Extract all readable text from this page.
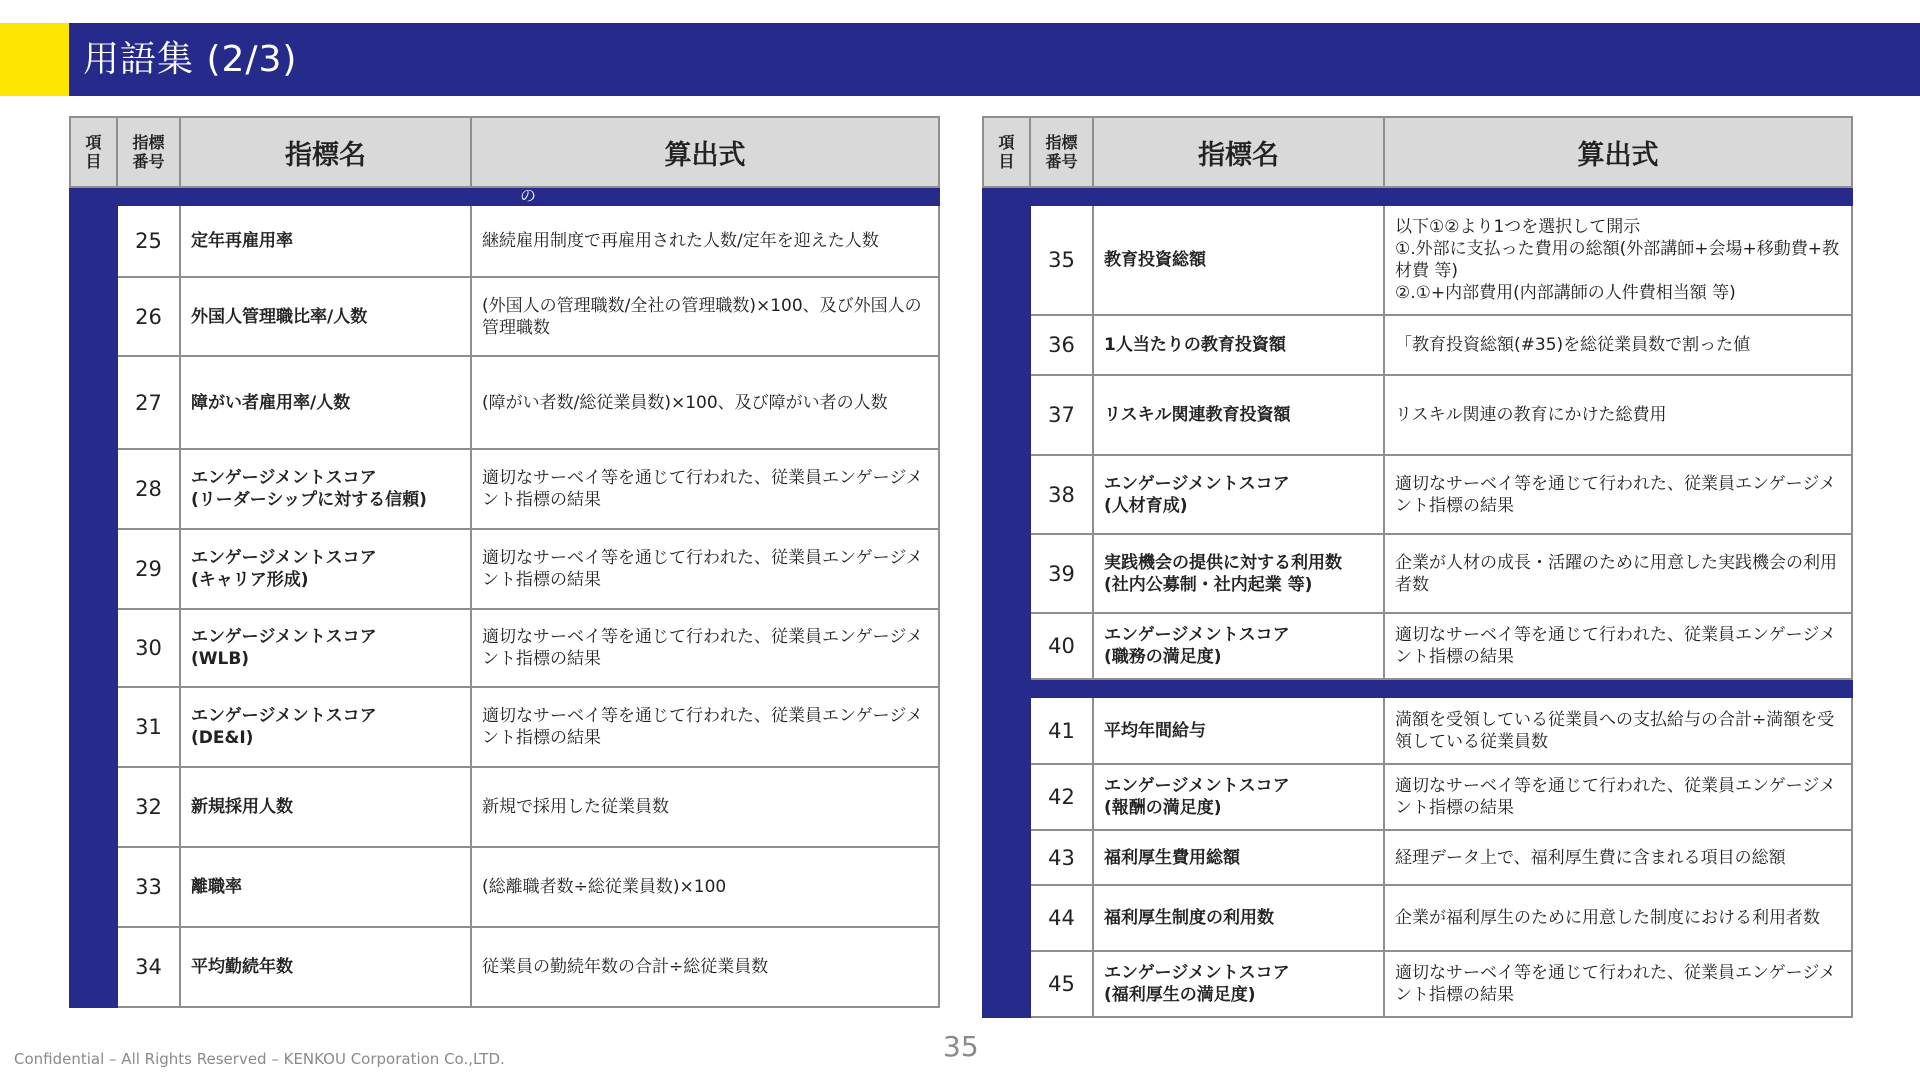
用語集 (2/3)
項
目	指標
番号	指標名	算出式
	の		
	25	定年再雇用率	継続雇用制度で再雇用された人数/定年を迎えた人数
	26	外国人管理職比率/人数	(外国人の管理職数/全社の管理職数)×100、及び外国人の管理職数
	27	障がい者雇用率/人数	(障がい者数/総従業員数)×100、及び障がい者の人数
	28	エンゲージメントスコア
(リーダーシップに対する信頼)	適切なサーベイ等を通じて行われた、従業員エンゲージメント指標の結果
	29	エンゲージメントスコア
(キャリア形成)	適切なサーベイ等を通じて行われた、従業員エンゲージメント指標の結果
	30	エンゲージメントスコア
(WLB)	適切なサーベイ等を通じて行われた、従業員エンゲージメント指標の結果
	31	エンゲージメントスコア
(DE&I)	適切なサーベイ等を通じて行われた、従業員エンゲージメント指標の結果
	32	新規採用人数	新規で採用した従業員数
	33	離職率	(総離職者数÷総従業員数)×100
	34	平均勤続年数	従業員の勤続年数の合計÷総従業員数
項
目	指標
番号	指標名	算出式

	35	教育投資総額	以下①②より1つを選択して開示
①.外部に支払った費用の総額(外部講師+会場+移動費+教材費 等)
②.①+内部費用(内部講師の人件費相当額 等)
	36	1人当たりの教育投資額	「教育投資総額(#35)を総従業員数で割った値
	37	リスキル関連教育投資額	リスキル関連の教育にかけた総費用
	38	エンゲージメントスコア
(人材育成)	適切なサーベイ等を通じて行われた、従業員エンゲージメント指標の結果
	39	実践機会の提供に対する利用数
(社内公募制・社内起業 等)	企業が人材の成長・活躍のために用意した実践機会の利用者数
	40	エンゲージメントスコア
(職務の満足度)	適切なサーベイ等を通じて行われた、従業員エンゲージメント指標の結果

	41	平均年間給与	満額を受領している従業員への支払給与の合計÷満額を受領している従業員数
	42	エンゲージメントスコア
(報酬の満足度)	適切なサーベイ等を通じて行われた、従業員エンゲージメント指標の結果
	43	福利厚生費用総額	経理データ上で、福利厚生費に含まれる項目の総額
	44	福利厚生制度の利用数	企業が福利厚生のために用意した制度における利用者数
	45	エンゲージメントスコア
(福利厚生の満足度)	適切なサーベイ等を通じて行われた、従業員エンゲージメント指標の結果
Confidential – All Rights Reserved – KENKOU Corporation Co.,LTD.	35
